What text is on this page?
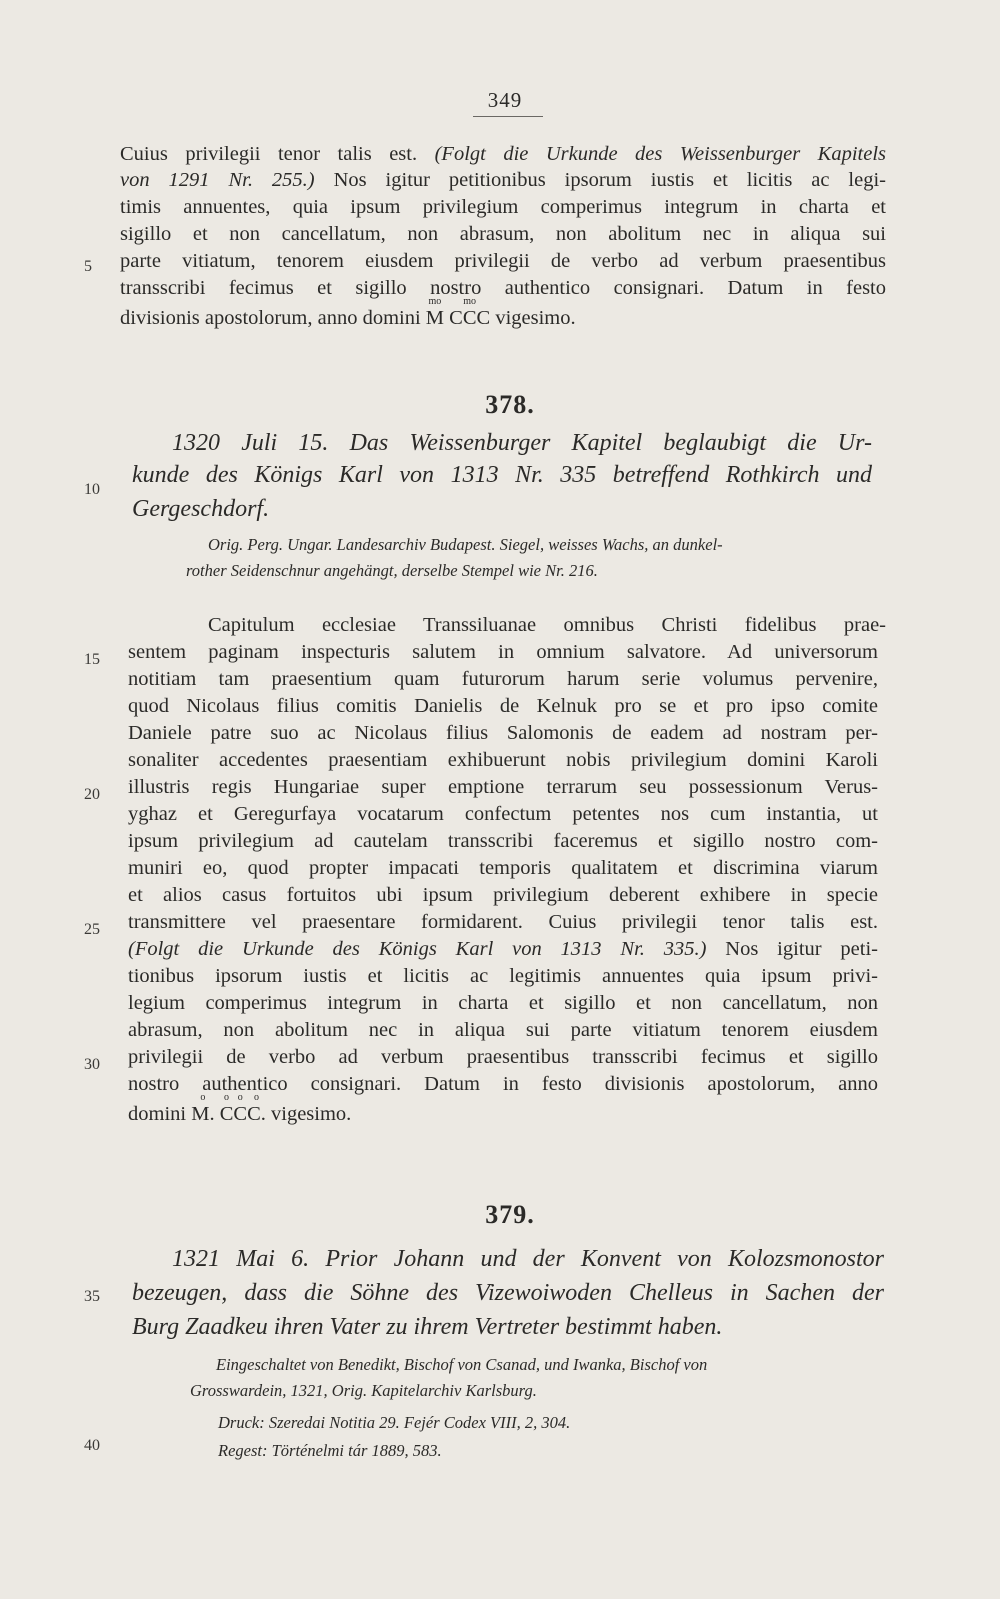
349
Cuius privilegii tenor talis est. (Folgt die Urkunde des Weissenburger Kapitels
von 1291 Nr. 255.) Nos igitur petitionibus ipsorum iustis et licitis ac legi-
timis annuentes, quia ipsum privilegium comperimus integrum in charta et
sigillo et non cancellatum, non abrasum, non abolitum nec in aliqua sui
parte vitiatum, tenorem eiusdem privilegii de verbo ad verbum praesentibus
transscribi fecimus et sigillo nostro authentico consignari. Datum in festo
divisionis apostolorum, anno domini
mo
M
mo
CCC vigesimo.
378.
1320 Juli 15. Das Weissenburger Kapitel beglaubigt die Ur-
kunde des Königs Karl von 1313 Nr. 335 betreffend Rothkirch und
Gergeschdorf.
Orig. Perg. Ungar. Landesarchiv Budapest. Siegel, weisses Wachs, an dunkel-
rother Seidenschnur angehängt, derselbe Stempel wie Nr. 216.
Capitulum ecclesiae Transsiluanae omnibus Christi fidelibus prae-
sentem paginam inspecturis salutem in omnium salvatore. Ad universorum
notitiam tam praesentium quam futurorum harum serie volumus pervenire,
quod Nicolaus filius comitis Danielis de Kelnuk pro se et pro ipso comite
Daniele patre suo ac Nicolaus filius Salomonis de eadem ad nostram per-
sonaliter accedentes praesentiam exhibuerunt nobis privilegium domini Karoli
illustris regis Hungariae super emptione terrarum seu possessionum Verus-
yghaz et Geregurfaya vocatarum confectum petentes nos cum instantia, ut
ipsum privilegium ad cautelam transscribi faceremus et sigillo nostro com-
muniri eo, quod propter impacati temporis qualitatem et discrimina viarum
et alios casus fortuitos ubi ipsum privilegium deberent exhibere in specie
transmittere vel praesentare formidarent. Cuius privilegii tenor talis est.
(Folgt die Urkunde des Königs Karl von 1313 Nr. 335.) Nos igitur peti-
tionibus ipsorum iustis et licitis ac legitimis annuentes quia ipsum privi-
legium comperimus integrum in charta et sigillo et non cancellatum, non
abrasum, non abolitum nec in aliqua sui parte vitiatum tenorem eiusdem
privilegii de verbo ad verbum praesentibus transscribi fecimus et sigillo
nostro authentico consignari. Datum in festo divisionis apostolorum, anno
domini
o
M.
o
C
o
C
o
C. vigesimo.
379.
1321 Mai 6. Prior Johann und der Konvent von Kolozsmonostor
bezeugen, dass die Söhne des Vizewoiwoden Chelleus in Sachen der
Burg Zaadkeu ihren Vater zu ihrem Vertreter bestimmt haben.
Eingeschaltet von Benedikt, Bischof von Csanad, und Iwanka, Bischof von
Grosswardein, 1321, Orig. Kapitelarchiv Karlsburg.
Druck: Szeredai Notitia 29. Fejér Codex VIII, 2, 304.
Regest: Történelmi tár 1889, 583.
5
10
15
20
25
30
35
40
